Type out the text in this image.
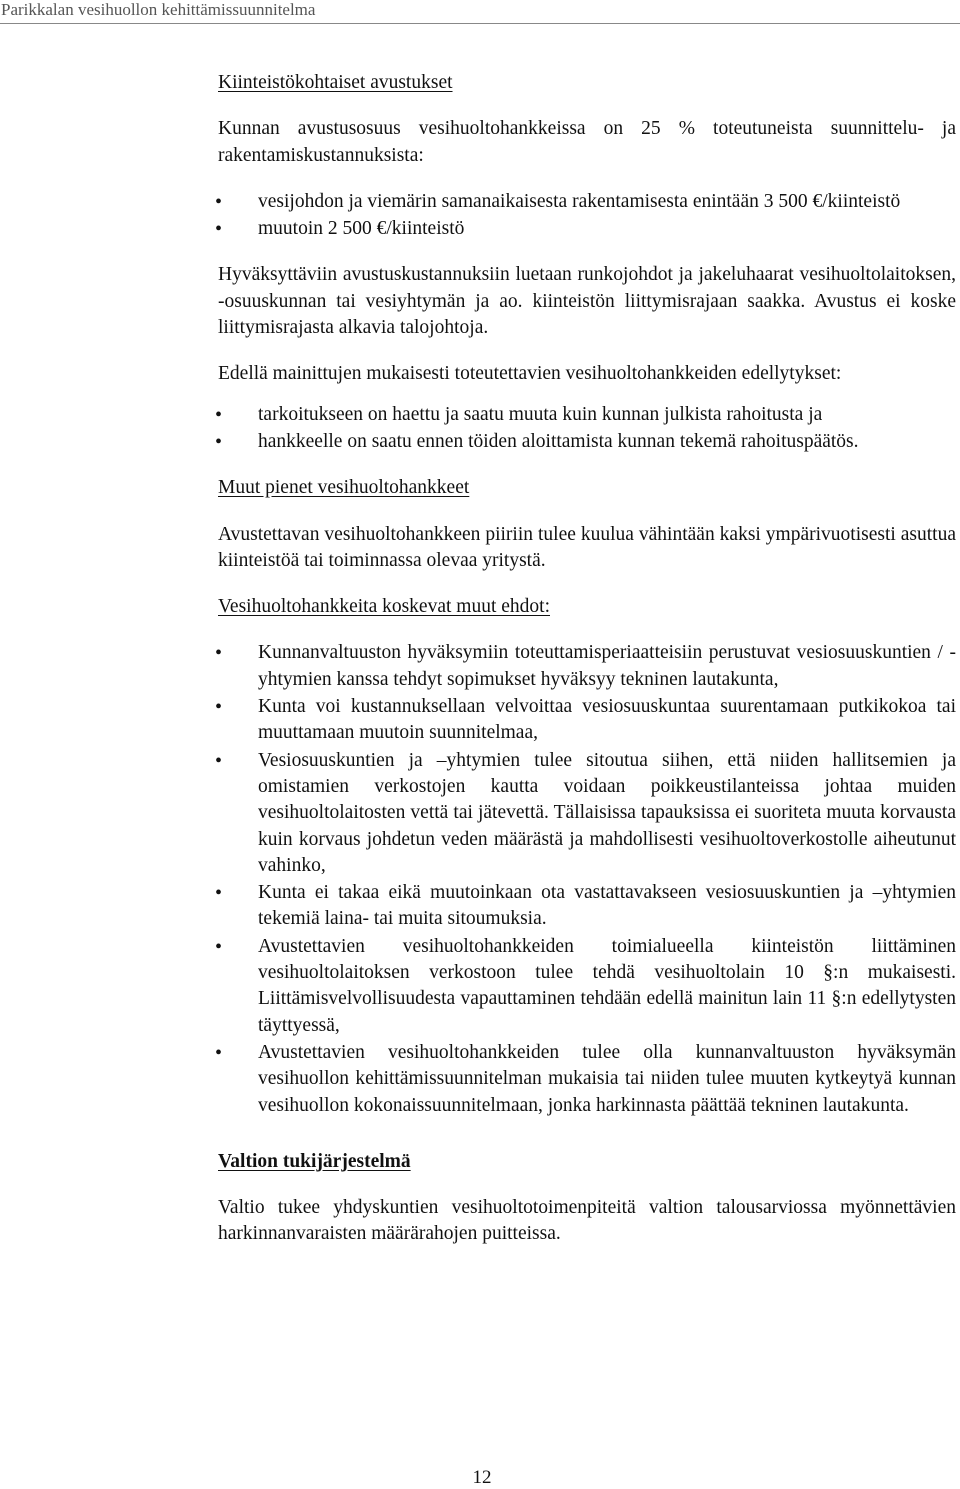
Parikkalan vesihuollon kehittämissuunnitelma
Kiinteistökohtaiset avustukset

Kunnan avustusosuus vesihuoltohankkeissa on 25 % toteutuneista suunnittelu- ja rakentamiskustannuksista:

• vesijohdon ja viemärin samanaikaisesta rakentamisesta enintään 3 500 €/kiinteistö
• muutoin 2 500 €/kiinteistö

Hyväksyttäviin avustuskustannuksiin luetaan runkojohdot ja jakeluhaarat vesihuoltolaitoksen, -osuuskunnan tai vesiyhtymän ja ao. kiinteistön liittymisrajaan saakka. Avustus ei koske liittymisrajasta alkavia talojohtoja.

Edellä mainittujen mukaisesti toteutettavien vesihuoltohankkeiden edellytykset:

• tarkoitukseen on haettu ja saatu muuta kuin kunnan julkista rahoitusta ja
• hankkeelle on saatu ennen töiden aloittamista kunnan tekemä rahoituspäätös.
Muut pienet vesihuoltohankkeet

Avustettavan vesihuoltohankkeen piiriin tulee kuulua vähintään kaksi ympärivuotisesti asuttua kiinteistöä tai toiminnassa olevaa yritystä.

Vesihuoltohankkeita koskevat muut ehdot:
• Kunnanvaltuuston hyväksymiin toteuttamisperiaatteisiin perustuvat vesiosuuskuntien / -yhtymien kanssa tehdyt sopimukset hyväksyy tekninen lautakunta,
• Kunta voi kustannuksellaan velvoittaa vesiosuuskuntaa suurentamaan putkikokoa tai muuttamaan muutoin suunnitelmaa,
• Vesiosuuskuntien ja –yhtymien tulee sitoutua siihen, että niiden hallitsemien ja omistamien verkostojen kautta voidaan poikkeustilanteissa johtaa muiden vesihuoltolaitosten vettä tai jätevettä. Tällaisissa tapauksissa ei suoriteta muuta korvausta kuin korvaus johdetun veden määrästä ja mahdollisesti vesihuoltoverkostolle aiheutunut vahinko,
• Kunta ei takaa eikä muutoinkaan ota vastattavakseen vesiosuuskuntien ja –yhtymien tekemiä laina- tai muita sitoumuksia.
• Avustettavien vesihuoltohankkeiden toimialueella kiinteistön liittäminen vesihuoltolaitoksen verkostoon tulee tehdä vesihuoltolain 10 §:n mukaisesti. Liittämisvelvollisuudesta vapauttaminen tehdään edellä mainitun lain 11 §:n edellytysten täyttyessä,
• Avustettavien vesihuoltohankkeiden tulee olla kunnanvaltuuston hyväksymän vesihuollon kehittämissuunnitelman mukaisia tai niiden tulee muuten kytkeytyä kunnan vesihuollon kokonaissuunnitelmaan, jonka harkinnasta päättää tekninen lautakunta.
Valtion tukijärjestelmä

Valtio tukee yhdyskuntien vesihuoltotoimenpiteitä valtion talousarviossa myönnettävien harkinnanvaraisten määrärahojen puitteissa.

12
